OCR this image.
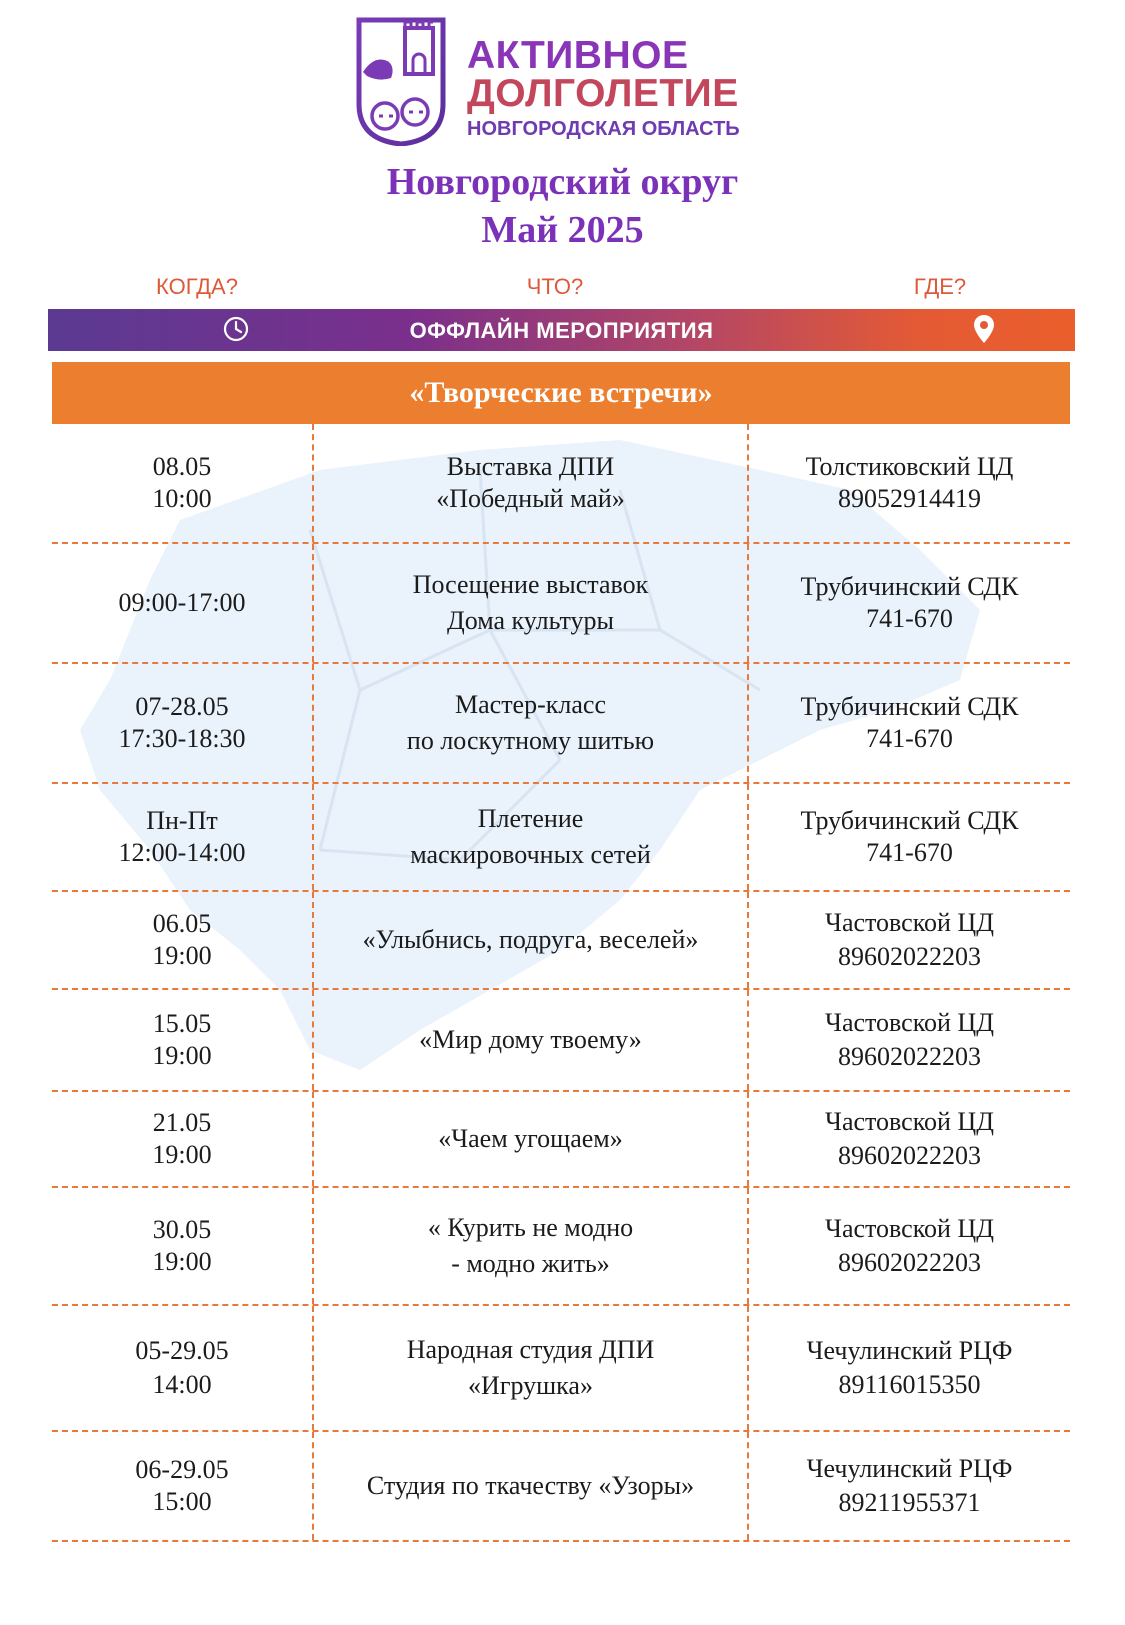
АКТИВНОЕ
ДОЛГОЛЕТИЕ
НОВГОРОДСКАЯ ОБЛАСТЬ
Новгородский округ
Май 2025
КОГДА?	ЧТО?	ГДЕ?
ОФФЛАЙН МЕРОПРИЯТИЯ
«Творческие встречи»
08.05
10:00
Выставка ДПИ
«Победный май»
Толстиковский ЦД
89052914419
09:00-17:00
Посещение выставок
Дома культуры
Трубичинский СДК
741-670
07-28.05
17:30-18:30
Мастер-класс
по лоскутному шитью
Трубичинский СДК
741-670
Пн-Пт
12:00-14:00
Плетение
маскировочных сетей
Трубичинский СДК
741-670
06.05
19:00
«Улыбнись, подруга, веселей»
Частовской ЦД
89602022203
15.05
19:00
«Мир дому твоему»
Частовской ЦД
89602022203
21.05
19:00
«Чаем угощаем»
Частовской ЦД
89602022203
30.05
19:00
« Курить не модно
- модно жить»
Частовской ЦД
89602022203
05-29.05
14:00
Народная студия ДПИ
«Игрушка»
Чечулинский РЦФ
89116015350
06-29.05
15:00
Студия по ткачеству «Узоры»
Чечулинский РЦФ
89211955371
